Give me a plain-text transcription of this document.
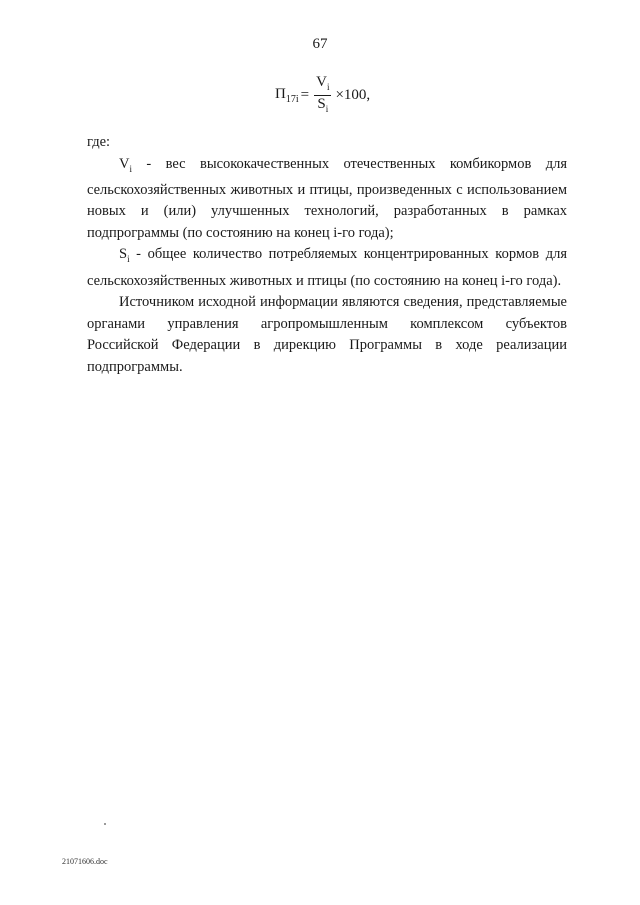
67
$П_{17i} = \frac{V_i}{S_i} \times 100$,

где:

$V_i$ - вес высококачественных отечественных комбикормов для сельскохозяйственных животных и птицы, произведенных с использованием новых и (или) улучшенных технологий, разработанных в рамках подпрограммы (по состоянию на конец i-го года);

$S_i$ - общее количество потребляемых концентрированных кормов для сельскохозяйственных животных и птицы (по состоянию на конец i-го года).

Источником исходной информации являются сведения, представляемые органами управления агропромышленным комплексом субъектов Российской Федерации в дирекцию Программы в ходе реализации подпрограммы.

21071606.doc
